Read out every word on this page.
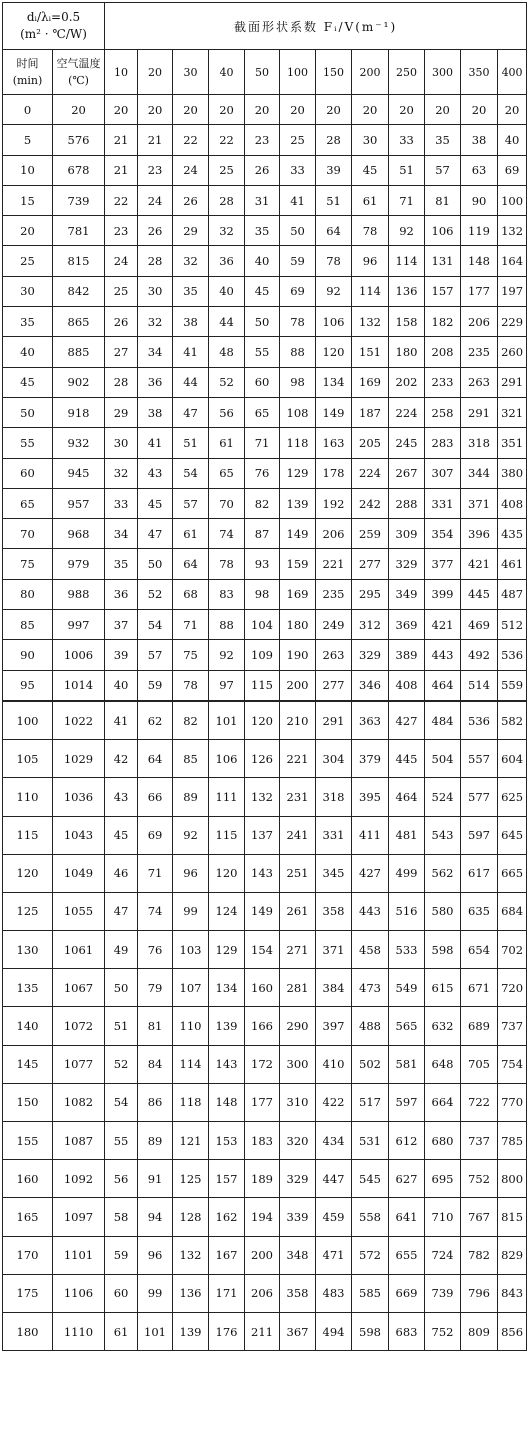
dᵢ/λᵢ=0.5
(m² · ℃/W)		截面形状系数 Fᵢ/V(m⁻¹)											
时间(min)	空气温度(℃)	10	20	30	40	50	100	150	200	250	300	350	400
0	20	20	20	20	20	20	20	20	20	20	20	20	20
5	576	21	21	22	22	23	25	28	30	33	35	38	40
10	678	21	23	24	25	26	33	39	45	51	57	63	69
15	739	22	24	26	28	31	41	51	61	71	81	90	100
20	781	23	26	29	32	35	50	64	78	92	106	119	132
25	815	24	28	32	36	40	59	78	96	114	131	148	164
30	842	25	30	35	40	45	69	92	114	136	157	177	197
35	865	26	32	38	44	50	78	106	132	158	182	206	229
40	885	27	34	41	48	55	88	120	151	180	208	235	260
45	902	28	36	44	52	60	98	134	169	202	233	263	291
50	918	29	38	47	56	65	108	149	187	224	258	291	321
55	932	30	41	51	61	71	118	163	205	245	283	318	351
60	945	32	43	54	65	76	129	178	224	267	307	344	380
65	957	33	45	57	70	82	139	192	242	288	331	371	408
70	968	34	47	61	74	87	149	206	259	309	354	396	435
75	979	35	50	64	78	93	159	221	277	329	377	421	461
80	988	36	52	68	83	98	169	235	295	349	399	445	487
85	997	37	54	71	88	104	180	249	312	369	421	469	512
90	1006	39	57	75	92	109	190	263	329	389	443	492	536
95	1014	40	59	78	97	115	200	277	346	408	464	514	559
100	1022	41	62	82	101	120	210	291	363	427	484	536	582
105	1029	42	64	85	106	126	221	304	379	445	504	557	604
110	1036	43	66	89	111	132	231	318	395	464	524	577	625
115	1043	45	69	92	115	137	241	331	411	481	543	597	645
120	1049	46	71	96	120	143	251	345	427	499	562	617	665
125	1055	47	74	99	124	149	261	358	443	516	580	635	684
130	1061	49	76	103	129	154	271	371	458	533	598	654	702
135	1067	50	79	107	134	160	281	384	473	549	615	671	720
140	1072	51	81	110	139	166	290	397	488	565	632	689	737
145	1077	52	84	114	143	172	300	410	502	581	648	705	754
150	1082	54	86	118	148	177	310	422	517	597	664	722	770
155	1087	55	89	121	153	183	320	434	531	612	680	737	785
160	1092	56	91	125	157	189	329	447	545	627	695	752	800
165	1097	58	94	128	162	194	339	459	558	641	710	767	815
170	1101	59	96	132	167	200	348	471	572	655	724	782	829
175	1106	60	99	136	171	206	358	483	585	669	739	796	843
180	1110	61	101	139	176	211	367	494	598	683	752	809	856
